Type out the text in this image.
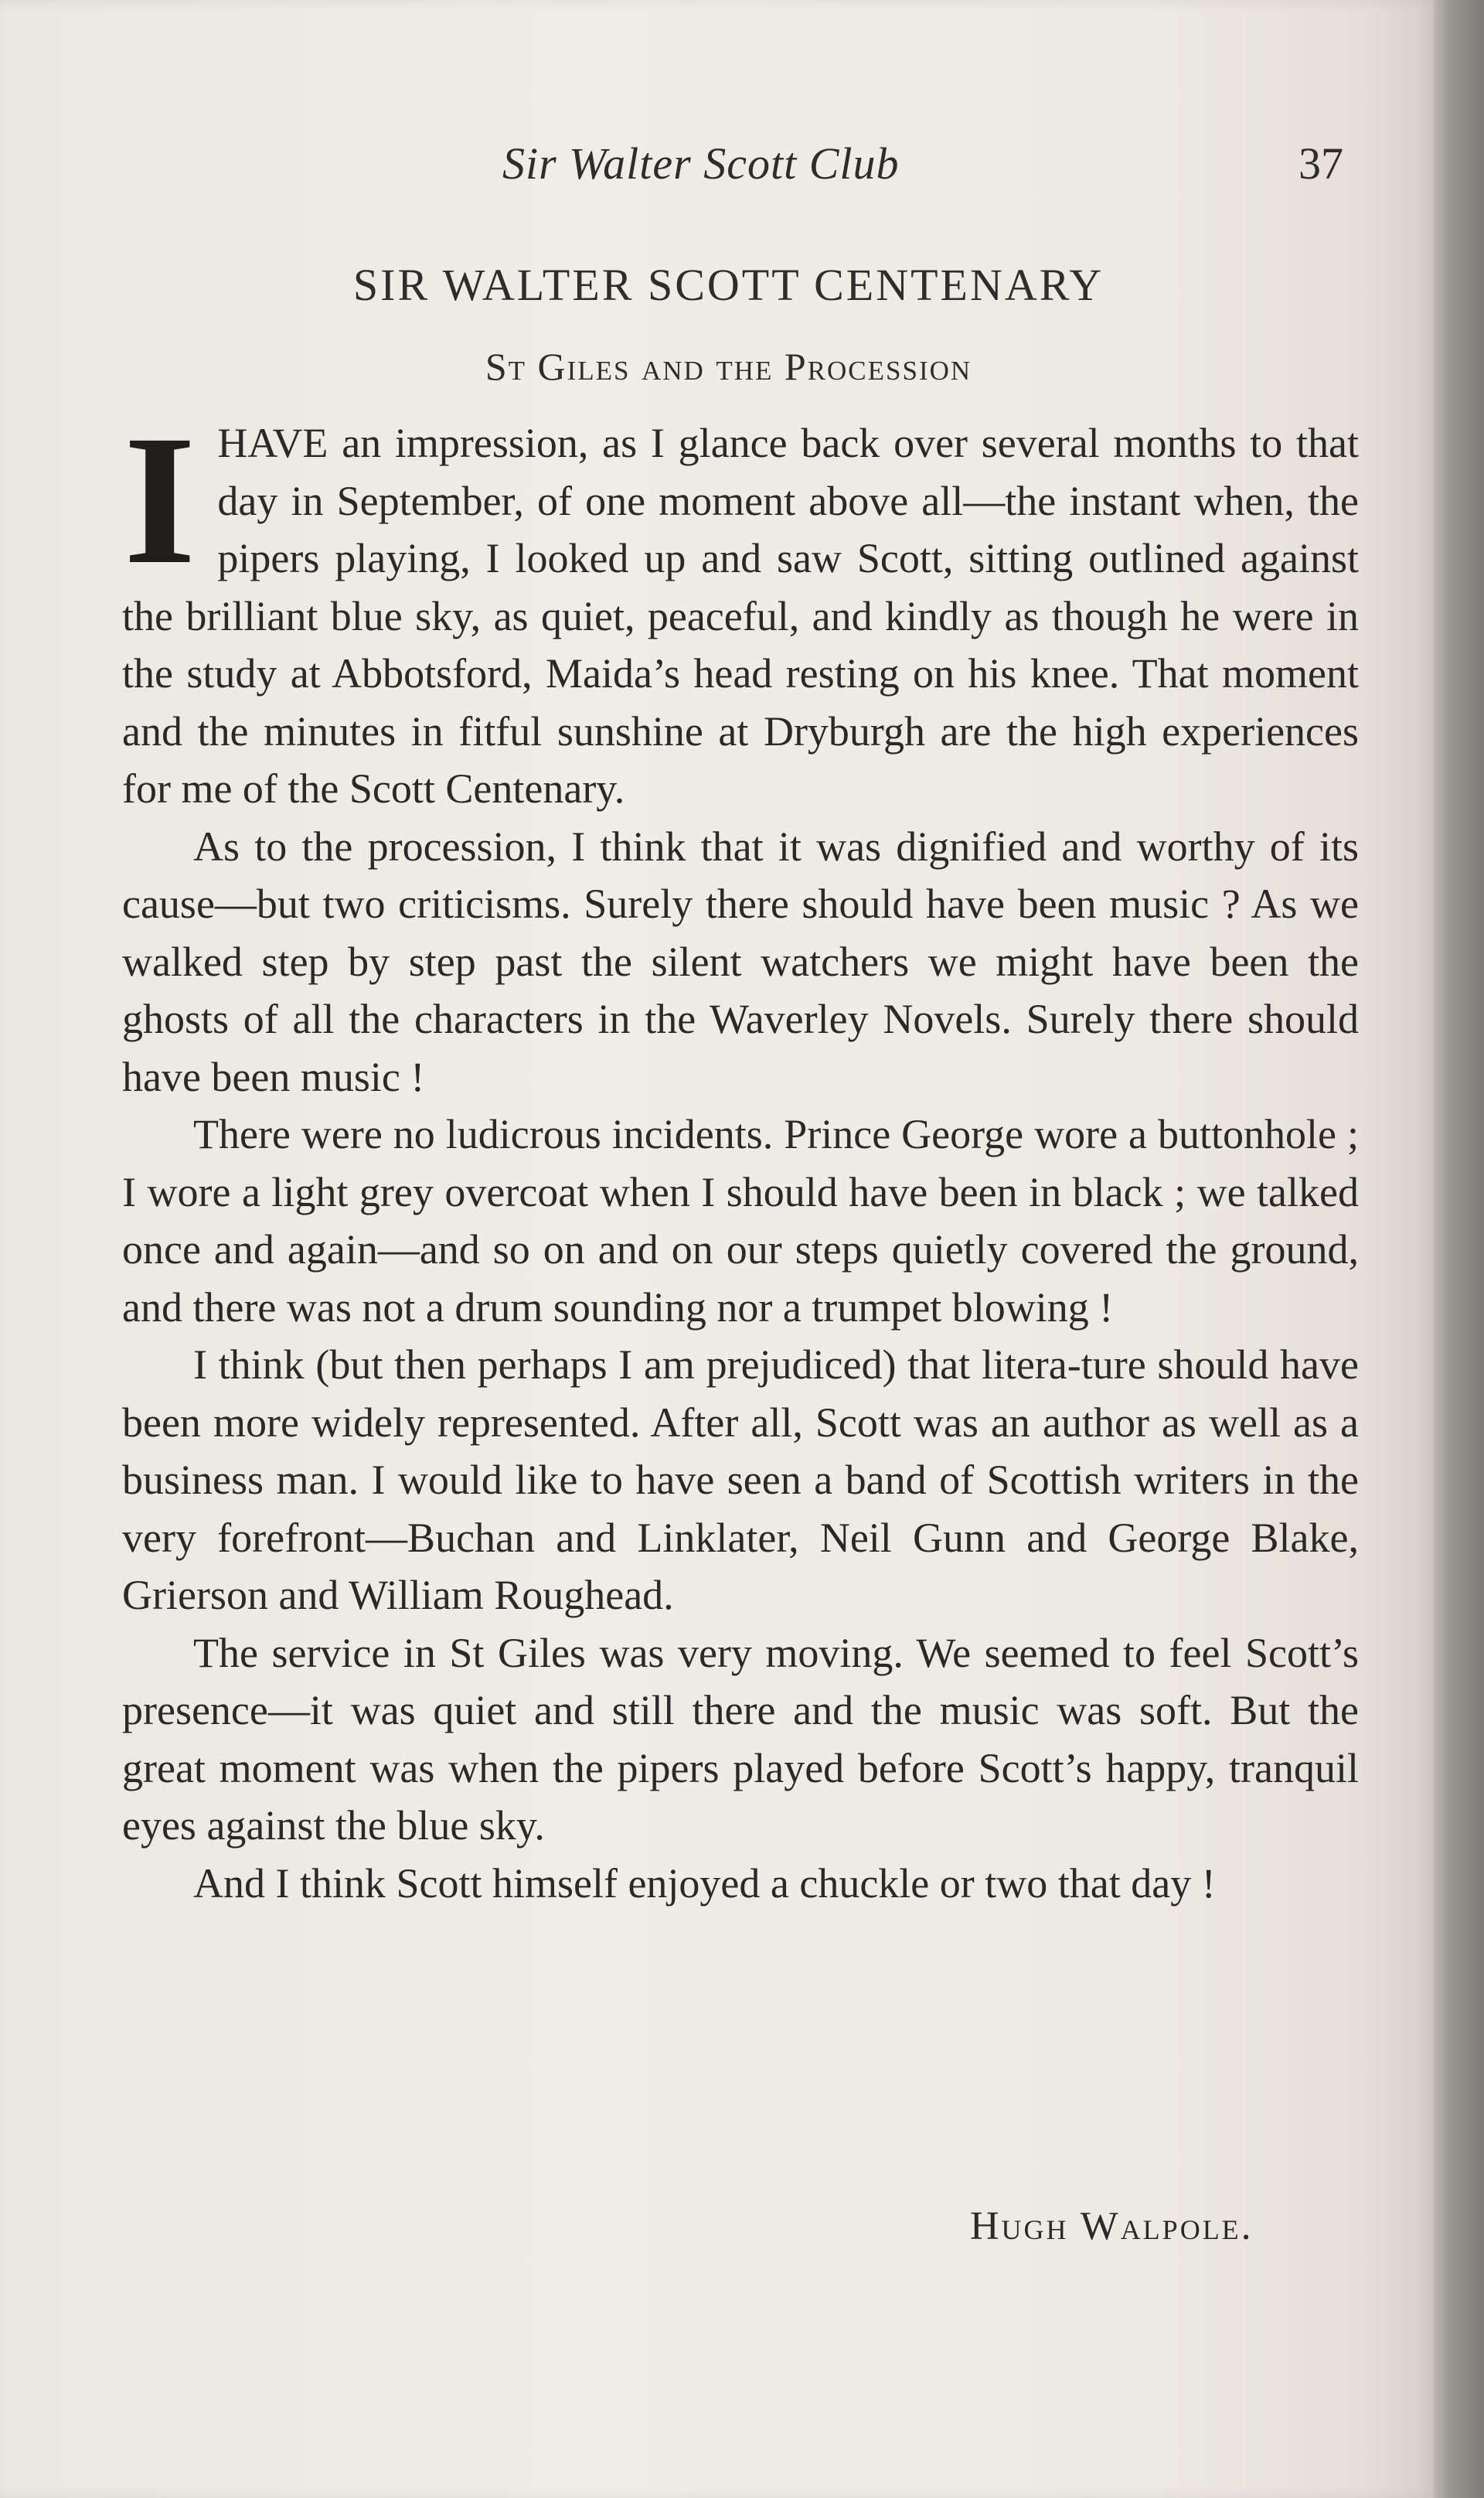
Sir Walter Scott Club	37
SIR WALTER SCOTT CENTENARY
St Giles and the Procession

I HAVE an impression, as I glance back over several months to that day in September, of one moment above all—the instant when, the pipers playing, I looked up and saw Scott, sitting outlined against the brilliant blue sky, as quiet, peaceful, and kindly as though he were in the study at Abbotsford, Maida’s head resting on his knee. That moment and the minutes in fitful sunshine at Dryburgh are the high experiences for me of the Scott Centenary.

As to the procession, I think that it was dignified and worthy of its cause—but two criticisms. Surely there should have been music ? As we walked step by step past the silent watchers we might have been the ghosts of all the characters in the Waverley Novels. Surely there should have been music !

There were no ludicrous incidents. Prince George wore a buttonhole ; I wore a light grey overcoat when I should have been in black ; we talked once and again—and so on and on our steps quietly covered the ground, and there was not a drum sounding nor a trumpet blowing !

I think (but then perhaps I am prejudiced) that litera-ture should have been more widely represented. After all, Scott was an author as well as a business man. I would like to have seen a band of Scottish writers in the very forefront—Buchan and Linklater, Neil Gunn and George Blake, Grierson and William Roughead.

The service in St Giles was very moving. We seemed to feel Scott’s presence—it was quiet and still there and the music was soft. But the great moment was when the pipers played before Scott’s happy, tranquil eyes against the blue sky.

And I think Scott himself enjoyed a chuckle or two that day !

Hugh Walpole.
